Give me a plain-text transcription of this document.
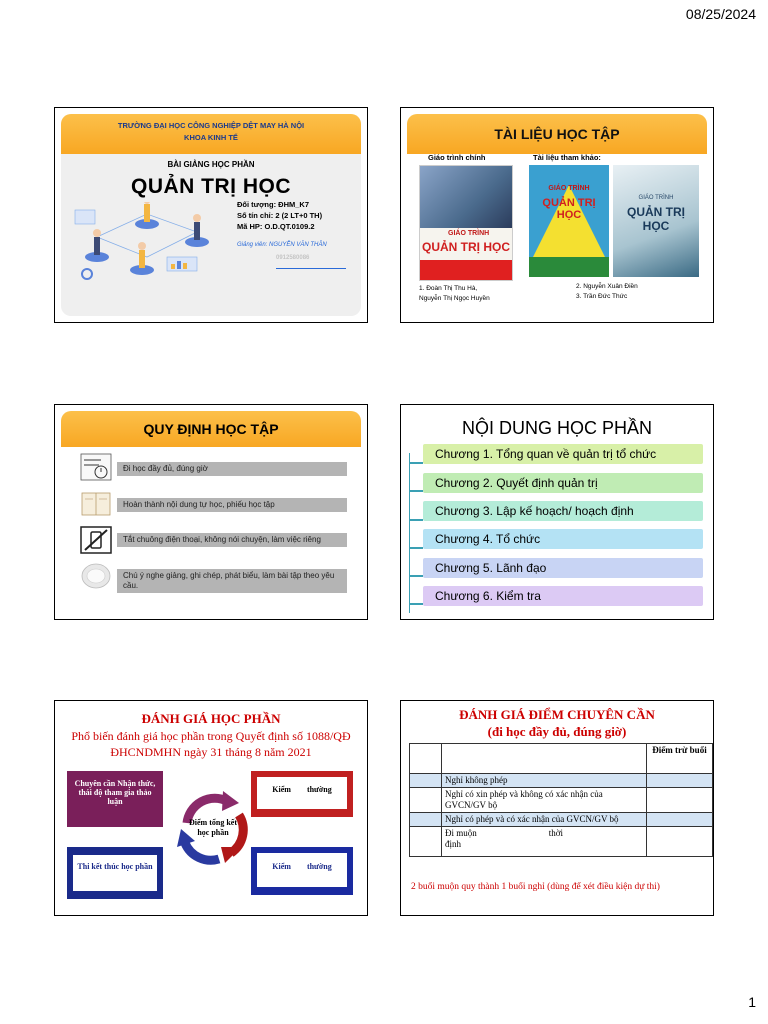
08/25/2024
TRƯỜNG ĐẠI HỌC CÔNG NGHIỆP DỆT MAY HÀ NỘI
KHOA KINH TẾ
BÀI GIẢNG HỌC PHẦN
QUẢN TRỊ HỌC
Đối tượng: ĐHM_K7
Số tín chỉ: 2 (2 LT+0 TH)
Mã HP: O.D.QT.0109.2
Giảng viên: NGUYỄN VĂN THÂN
0912580086
TÀI LIỆU HỌC TẬP
Giáo trình chính	Tài liệu tham khảo:
GIÁO TRÌNH
QUẢN TRỊ HỌC
GIÁO TRÌNH
QUẢN TRỊ HỌC
GIÁO TRÌNH
QUẢN TRỊ HỌC
1. Đoàn Thị Thu Hà,
Nguyễn Thị Ngọc Huyền
2. Nguyễn Xuân Điền
3. Trần Đức Thức
QUY ĐỊNH HỌC TẬP
Đi học đầy đủ, đúng giờ
Hoàn thành nội dung tự học, phiếu học tập
Tắt chuông điện thoại, không nói chuyện, làm việc riêng
Chú ý nghe giảng, ghi chép, phát biểu, làm bài tập theo yêu cầu.
NỘI DUNG HỌC PHẦN
Chương 1. Tổng quan về quản trị tổ chức
Chương 2. Quyết định quản trị
Chương 3. Lập kế hoạch/ hoạch định
Chương 4. Tổ chức
Chương 5. Lãnh đạo
Chương 6. Kiểm tra
ĐÁNH GIÁ HỌC PHẦN
Phổ biến đánh giá học phần trong Quyết định số 1088/QĐ ĐHCNDMHN ngày 31 tháng 8 năm 2021
Chuyên cần Nhận thức, thái độ tham gia thảo luận
Kiểm thường
Thi kết thúc học phần	Kiểm thường
Điểm tổng kết học phần
ĐÁNH GIÁ ĐIỂM CHUYÊN CẦN
(đi học đầy đủ, đúng giờ)
		Điểm trừ buổi
	Nghỉ không phép	
	Nghỉ có xin phép và không có xác nhận của GVCN/GV bộ	
	Nghỉ có phép và có xác nhận của GVCN/GV bộ	
	Đi muộn thời
định	
2 buổi muộn quy thành 1 buổi nghỉ (dùng để xét điều kiện dự thi)
1
